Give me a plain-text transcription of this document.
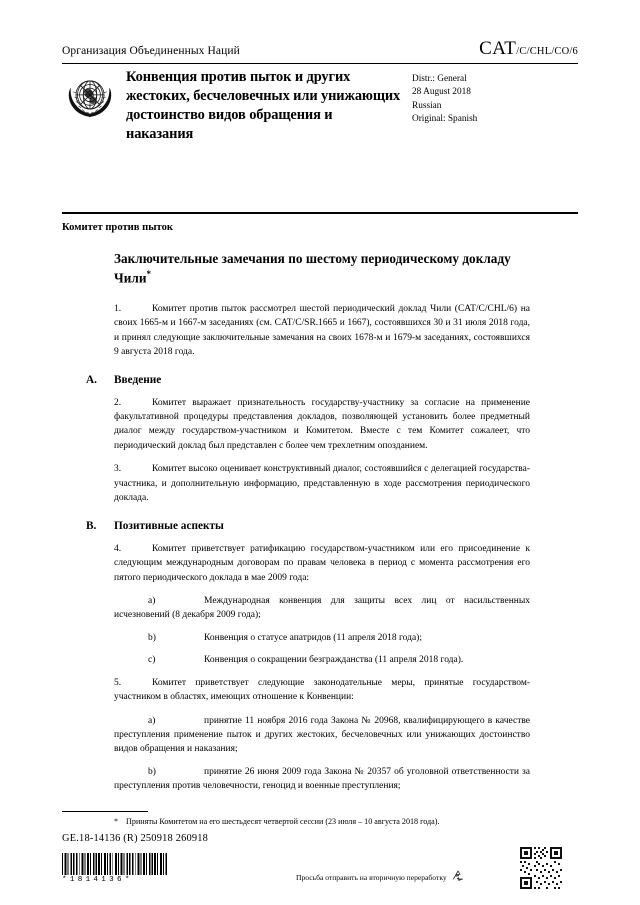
Организация Объединенных Наций	CAT/C/CHL/CO/6
Конвенция против пыток и других жестоких, бесчеловечных или унижающих достоинство видов обращения и наказания
Distr.: General
28 August 2018
Russian
Original: Spanish
Комитет против пыток
Заключительные замечания по шестому периодическому докладу Чили*

1.	Комитет против пыток рассмотрел шестой периодический доклад Чили (CAT/C/CHL/6) на своих 1665-м и 1667-м заседаниях (см. CAT/C/SR.1665 и 1667), состоявшихся 30 и 31 июля 2018 года, и принял следующие заключительные замечания на своих 1678-м и 1679-м заседаниях, состоявшихся 9 августа 2018 года.

A.	Введение

2.	Комитет выражает признательность государству-участнику за согласие на применение факультативной процедуры представления докладов, позволяющей установить более предметный диалог между государством-участником и Комитетом. Вместе с тем Комитет сожалеет, что периодический доклад был представлен с более чем трехлетним опозданием.

3.	Комитет высоко оценивает конструктивный диалог, состоявшийся с делегацией государства-участника, и дополнительную информацию, представленную в ходе рассмотрения периодического доклада.

B.	Позитивные аспекты

4.	Комитет приветствует ратификацию государством-участником или его присоединение к следующим международным договорам по правам человека в период с момента рассмотрения его пятого периодического доклада в мае 2009 года:

a)	Международная конвенция для защиты всех лиц от насильственных исчезновений (8 декабря 2009 года);

b)	Конвенция о статусе апатридов (11 апреля 2018 года);

c)	Конвенция о сокращении безгражданства (11 апреля 2018 года).

5.	Комитет приветствует следующие законодательные меры, принятые государством-участником в областях, имеющих отношение к Конвенции:

a)	принятие 11 ноября 2016 года Закона № 20968, квалифицирующего в качестве преступления применение пыток и других жестоких, бесчеловечных или унижающих достоинство видов обращения и наказания;

b)	принятие 26 июня 2009 года Закона № 20357 об уголовной ответственности за преступления против человечности, геноцид и военные преступления;

* Приняты Комитетом на его шестьдесят четвертой сессии (23 июля – 10 августа 2018 года).
GE.18-14136 (R) 250918 260918
*1814136*	Просьба отправить на вторичную переработку
